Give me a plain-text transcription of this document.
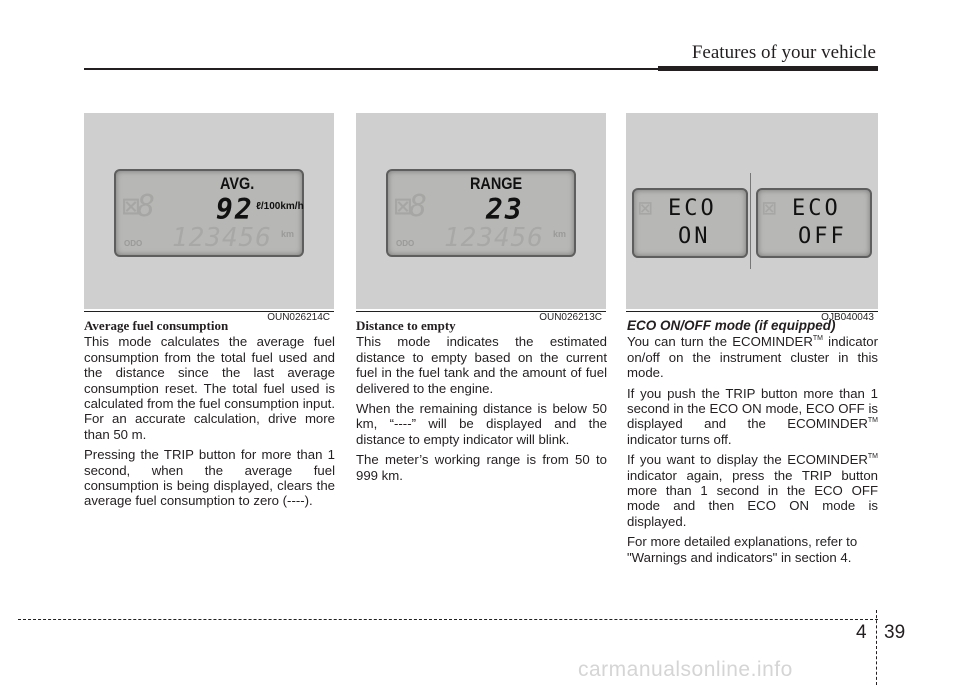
Features of your vehicle
⊠8
AVG.
92 ℓ/100km/h
ODO 123456 km
OUN026214C
⊠8
RANGE
23
ODO 123456 km
OUN026213C
⊠ ECO
ON
⊠ ECO
OFF
OJB040043

Average fuel consumption

This mode calculates the average fuel consumption from the total fuel used and the distance since the last average consumption reset. The total fuel used is calculated from the fuel consumption input. For an accurate calculation, drive more than 50 m.

Pressing the TRIP button for more than 1 second, when the average fuel consumption is being displayed, clears the average fuel consumption to zero (----).

Distance to empty

This mode indicates the estimated distance to empty based on the current fuel in the fuel tank and the amount of fuel delivered to the engine.

When the remaining distance is below 50 km, “----” will be displayed and the distance to empty indicator will blink.

The meter’s working range is from 50 to 999 km.

ECO ON/OFF mode (if equipped)

You can turn the ECOMINDER™ indicator on/off on the instrument cluster in this mode.

If you push the TRIP button more than 1 second in the ECO ON mode, ECO OFF is displayed and the ECOMINDER™ indicator turns off.

If you want to display the ECOMINDER™ indicator again, press the TRIP button more than 1 second in the ECO OFF mode and then ECO ON mode is displayed.

For more detailed explanations, refer to "Warnings and indicators" in section 4.

4 39
carmanualsonline.info
